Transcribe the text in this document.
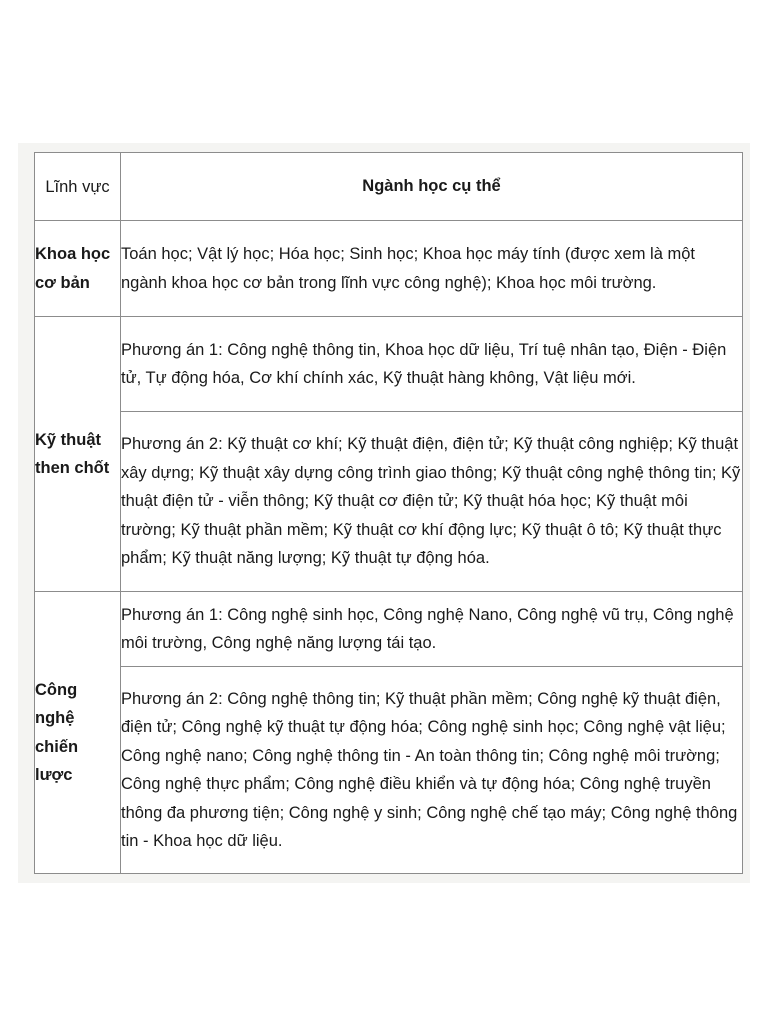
Lĩnh vực	Ngành học cụ thể
Khoa học cơ bản	Toán học; Vật lý học; Hóa học; Sinh học; Khoa học máy tính (được xem là một ngành khoa học cơ bản trong lĩnh vực công nghệ); Khoa học môi trường.
Kỹ thuật then chốt	Phương án 1: Công nghệ thông tin, Khoa học dữ liệu, Trí tuệ nhân tạo, Điện - Điện tử, Tự động hóa, Cơ khí chính xác, Kỹ thuật hàng không, Vật liệu mới.
	Phương án 2: Kỹ thuật cơ khí; Kỹ thuật điện, điện tử; Kỹ thuật công nghiệp; Kỹ thuật xây dựng; Kỹ thuật xây dựng công trình giao thông; Kỹ thuật công nghệ thông tin; Kỹ thuật điện tử - viễn thông; Kỹ thuật cơ điện tử; Kỹ thuật hóa học; Kỹ thuật môi trường; Kỹ thuật phần mềm; Kỹ thuật cơ khí động lực; Kỹ thuật ô tô; Kỹ thuật thực phẩm; Kỹ thuật năng lượng; Kỹ thuật tự động hóa.
Công nghệ chiến lược	Phương án 1: Công nghệ sinh học, Công nghệ Nano, Công nghệ vũ trụ, Công nghệ môi trường, Công nghệ năng lượng tái tạo.
	Phương án 2: Công nghệ thông tin; Kỹ thuật phần mềm; Công nghệ kỹ thuật điện, điện tử; Công nghệ kỹ thuật tự động hóa; Công nghệ sinh học; Công nghệ vật liệu; Công nghệ nano; Công nghệ thông tin - An toàn thông tin; Công nghệ môi trường; Công nghệ thực phẩm; Công nghệ điều khiển và tự động hóa; Công nghệ truyền thông đa phương tiện; Công nghệ y sinh; Công nghệ chế tạo máy; Công nghệ thông tin - Khoa học dữ liệu.
